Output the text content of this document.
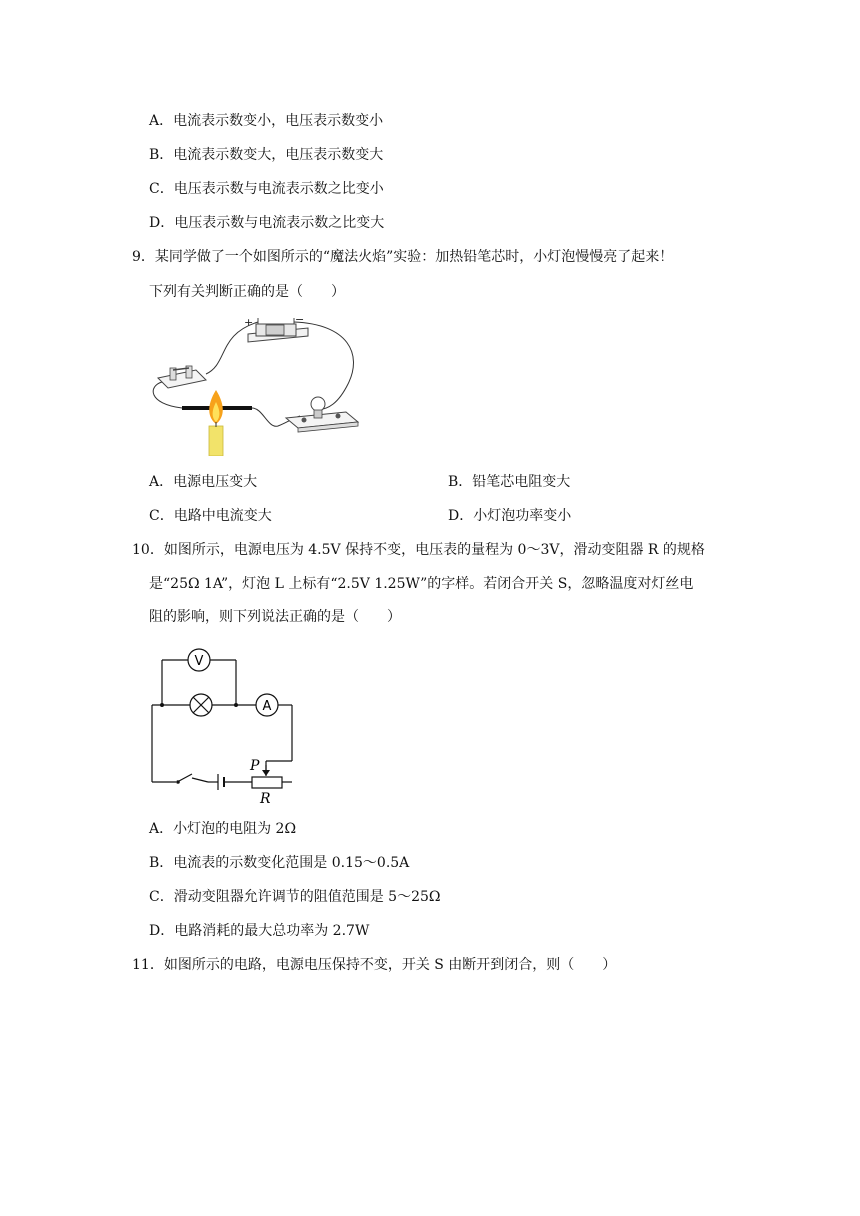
A．电流表示数变小，电压表示数变小
B．电流表示数变大，电压表示数变大
C．电压表示数与电流表示数之比变小
D．电压表示数与电流表示数之比变大
9．某同学做了一个如图所示的“魔法火焰”实验：加热铅笔芯时，小灯泡慢慢亮了起来！
下列有关判断正确的是（　　）
+	−
A．电源电压变大	B．铅笔芯电阻变大
C．电路中电流变大	D．小灯泡功率变小
10．如图所示，电源电压为 4.5V 保持不变，电压表的量程为 0～3V，滑动变阻器 R 的规格
是“25Ω 1A”，灯泡 L 上标有“2.5V 1.25W”的字样。若闭合开关 S，忽略温度对灯丝电
阻的影响，则下列说法正确的是（　　）
V
A
P
R
A．小灯泡的电阻为 2Ω
B．电流表的示数变化范围是 0.15～0.5A
C．滑动变阻器允许调节的阻值范围是 5～25Ω
D．电路消耗的最大总功率为 2.7W
11．如图所示的电路，电源电压保持不变，开关 S 由断开到闭合，则（　　）
